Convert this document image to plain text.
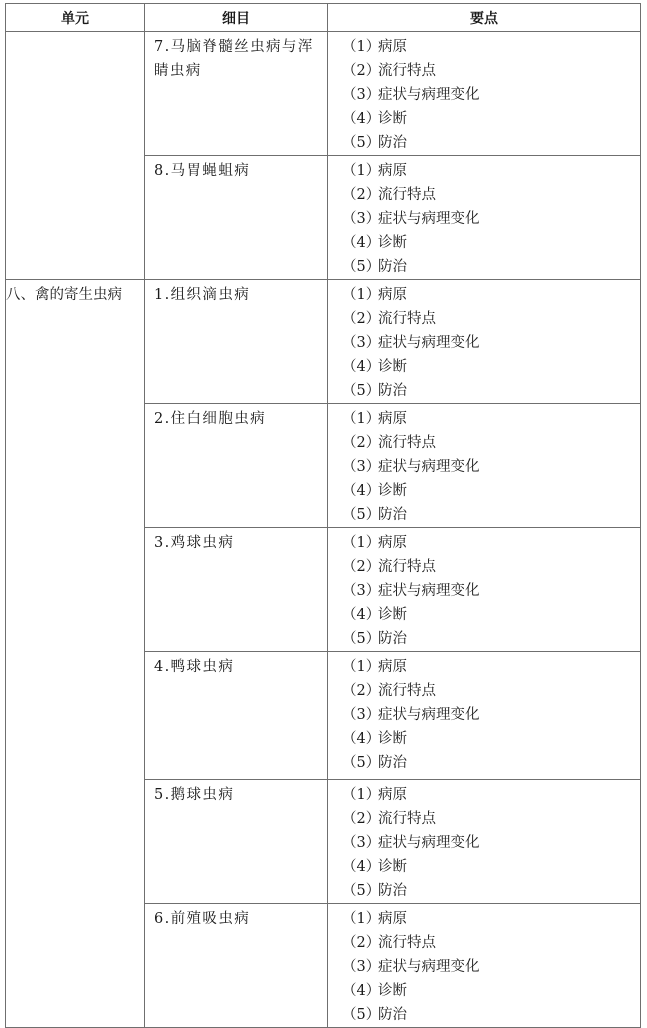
单元	细目	要点

	7.马脑脊髓丝虫病与浑睛虫病	（1）病原
（2）流行特点
（3）症状与病理变化
（4）诊断
（5）防治

	8.马胃蝇蛆病	（1）病原
（2）流行特点
（3）症状与病理变化
（4）诊断
（5）防治

八、禽的寄生虫病	1.组织滴虫病	（1）病原
（2）流行特点
（3）症状与病理变化
（4）诊断
（5）防治

	2.住白细胞虫病	（1）病原
（2）流行特点
（3）症状与病理变化
（4）诊断
（5）防治

	3.鸡球虫病	（1）病原
（2）流行特点
（3）症状与病理变化
（4）诊断
（5）防治

	4.鸭球虫病	（1）病原
（2）流行特点
（3）症状与病理变化
（4）诊断
（5）防治

	5.鹅球虫病	（1）病原
（2）流行特点
（3）症状与病理变化
（4）诊断
（5）防治

	6.前殖吸虫病	（1）病原
（2）流行特点
（3）症状与病理变化
（4）诊断
（5）防治
